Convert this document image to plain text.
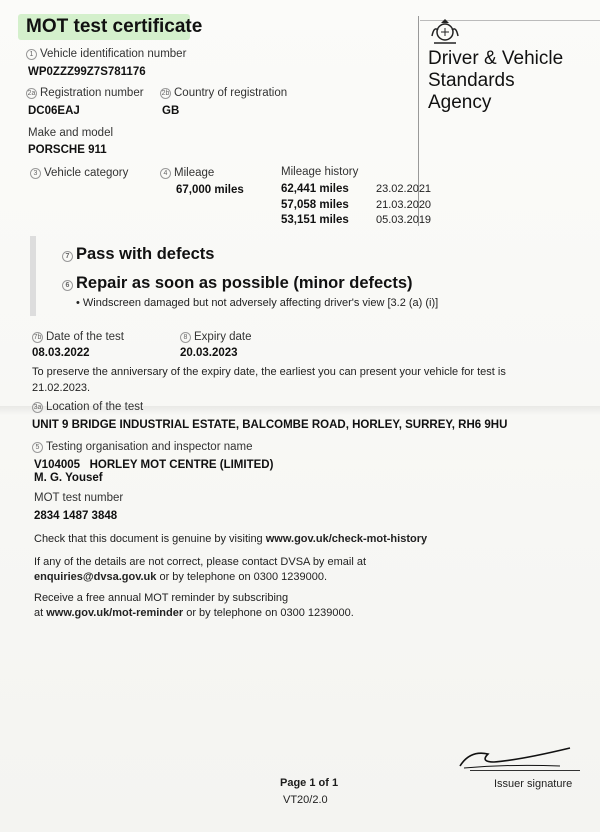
MOT test certificate
Driver & Vehicle
Standards
Agency
1 Vehicle identification number
WP0ZZZ99Z7S781176
2a Registration number
DC06EAJ
2b Country of registration
GB
Make and model
PORSCHE 911
3 Vehicle category	4 Mileage
67,000 miles
Mileage history
62,441 miles 23.02.2021
57,058 miles 21.03.2020
53,151 miles 05.03.2019
7 Pass with defects
6 Repair as soon as possible (minor defects)
• Windscreen damaged but not adversely affecting driver's view [3.2 (a) (i)]
7b Date of the test
08.03.2022
8 Expiry date
20.03.2023
To preserve the anniversary of the expiry date, the earliest you can present your vehicle for test is
21.02.2023.
3a Location of the test
UNIT 9 BRIDGE INDUSTRIAL ESTATE, BALCOMBE ROAD, HORLEY, SURREY, RH6 9HU
5 Testing organisation and inspector name
V104005   HORLEY MOT CENTRE (LIMITED)
M. G. Yousef
MOT test number
2834 1487 3848
Check that this document is genuine by visiting www.gov.uk/check-mot-history
If any of the details are not correct, please contact DVSA by email at
enquiries@dvsa.gov.uk or by telephone on 0300 1239000.
Receive a free annual MOT reminder by subscribing
at www.gov.uk/mot-reminder or by telephone on 0300 1239000.
Issuer signature
Page 1 of 1
VT20/2.0
